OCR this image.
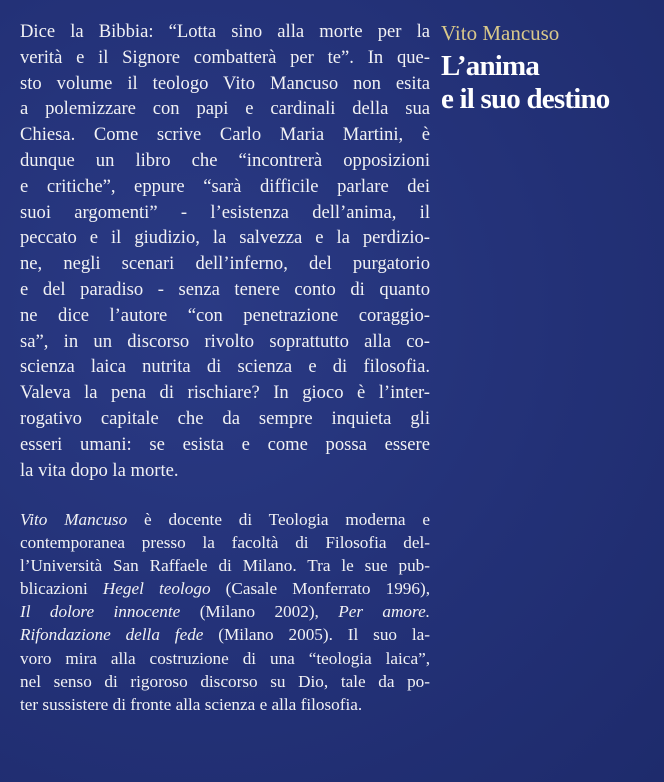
Dice la Bibbia: “Lotta sino alla morte per la
verità e il Signore combatterà per te”. In que-
sto volume il teologo Vito Mancuso non esita
a polemizzare con papi e cardinali della sua
Chiesa. Come scrive Carlo Maria Martini, è
dunque un libro che “incontrerà opposizioni
e critiche”, eppure “sarà difficile parlare dei
suoi argomenti” - l’esistenza dell’anima, il
peccato e il giudizio, la salvezza e la perdizio-
ne, negli scenari dell’inferno, del purgatorio
e del paradiso - senza tenere conto di quanto
ne dice l’autore “con penetrazione coraggio-
sa”, in un discorso rivolto soprattutto alla co-
scienza laica nutrita di scienza e di filosofia.
Valeva la pena di rischiare? In gioco è l’inter-
rogativo capitale che da sempre inquieta gli
esseri umani: se esista e come possa essere
la vita dopo la morte.
Vito Mancuso è docente di Teologia moderna e
contemporanea presso la facoltà di Filosofia del-
l’Università San Raffaele di Milano. Tra le sue pub-
blicazioni Hegel teologo (Casale Monferrato 1996),
Il dolore innocente (Milano 2002), Per amore.
Rifondazione della fede (Milano 2005). Il suo la-
voro mira alla costruzione di una “teologia laica”,
nel senso di rigoroso discorso su Dio, tale da po-
ter sussistere di fronte alla scienza e alla filosofia.
Vito Mancuso
L’anima
e il suo destino
